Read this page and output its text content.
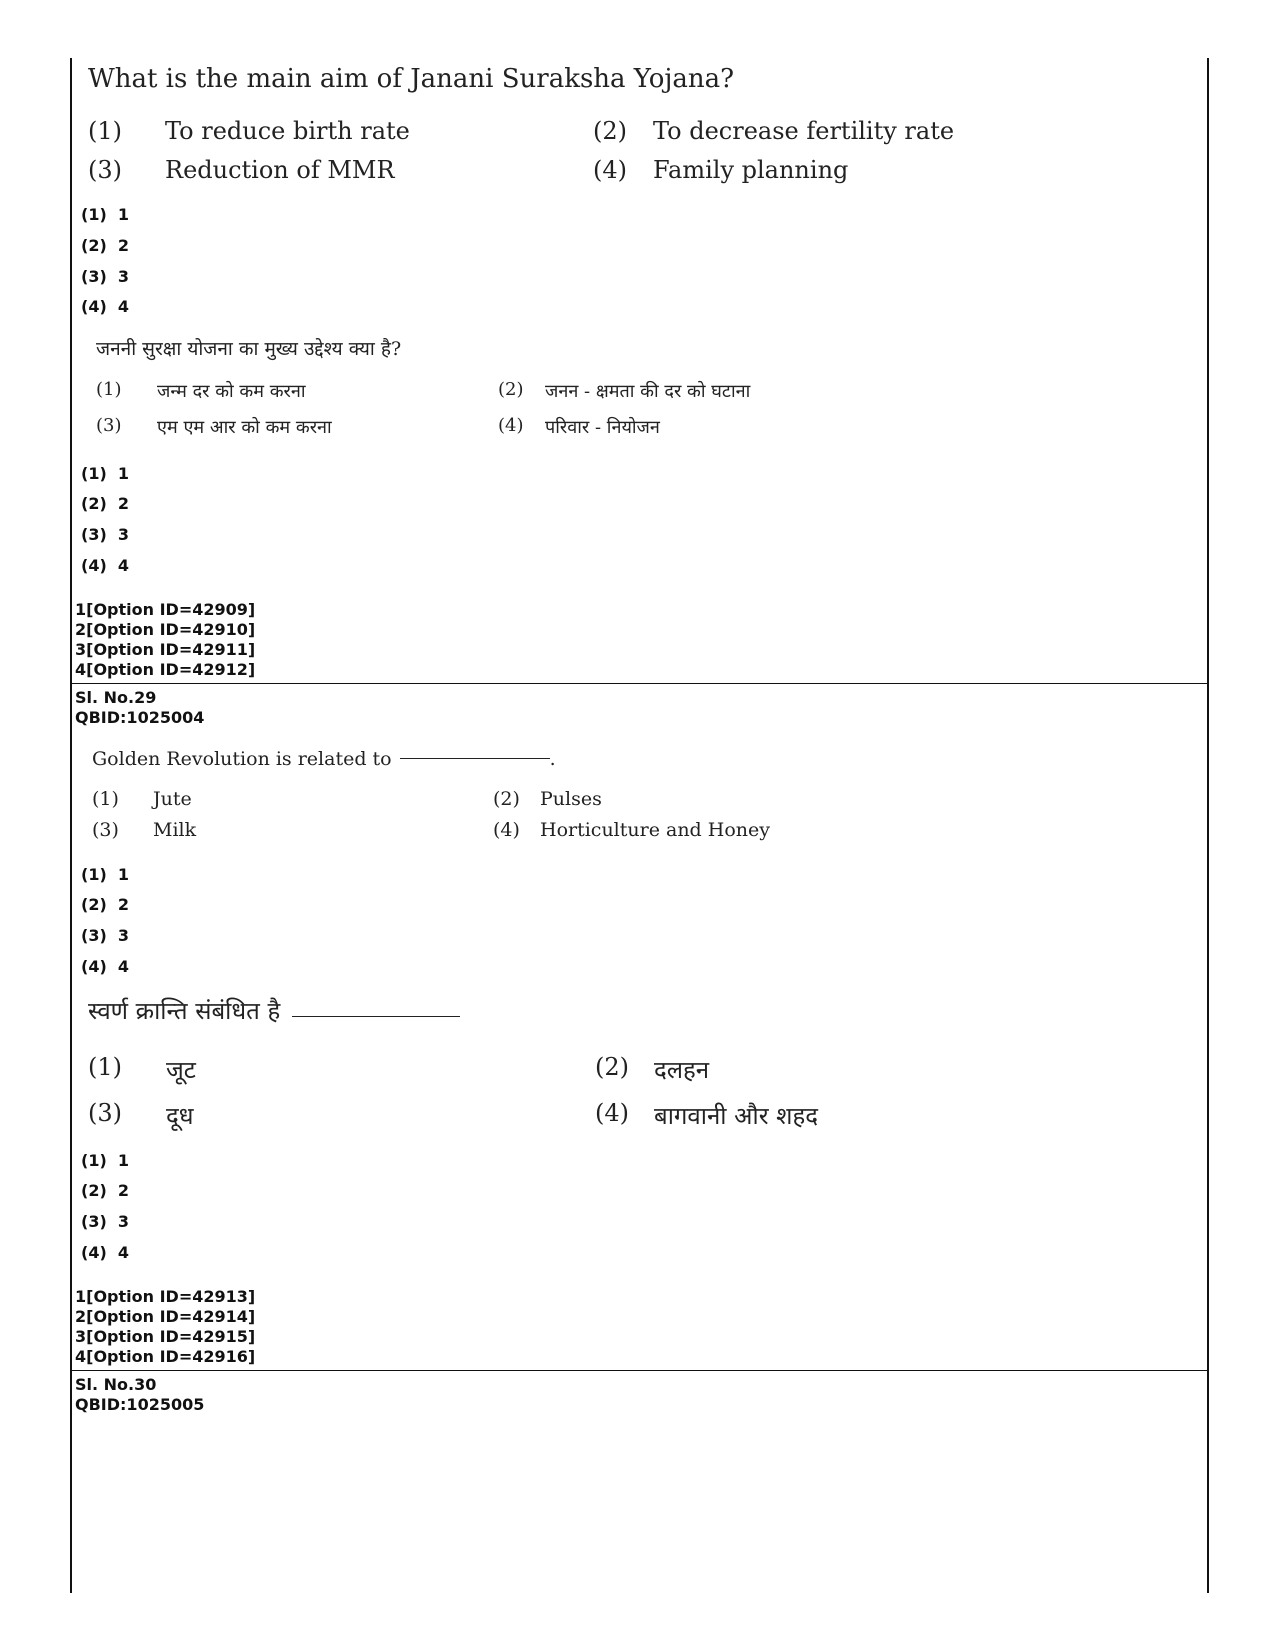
What is the main aim of Janani Suraksha Yojana?
(1) To reduce birth rate	(2) To decrease fertility rate
(3) Reduction of MMR	(4) Family planning
(1)  1
(2)  2
(3)  3
(4)  4
जननी सुरक्षा योजना का मुख्य उद्देश्य क्या है?
(1) जन्म दर को कम करना	(2) जनन - क्षमता की दर को घटाना
(3) एम एम आर को कम करना	(4) परिवार - नियोजन
(1)  1
(2)  2
(3)  3
(4)  4
1[Option ID=42909]
2[Option ID=42910]
3[Option ID=42911]
4[Option ID=42912]
Sl. No.29
QBID:1025004
Golden Revolution is related to	.
(1) Jute	(2) Pulses
(3) Milk	(4) Horticulture and Honey
(1)  1
(2)  2
(3)  3
(4)  4
स्वर्ण क्रान्ति संबंधित है
(1) जूट	(2) दलहन
(3) दूध	(4) बागवानी और शहद
(1)  1
(2)  2
(3)  3
(4)  4
1[Option ID=42913]
2[Option ID=42914]
3[Option ID=42915]
4[Option ID=42916]
Sl. No.30
QBID:1025005
